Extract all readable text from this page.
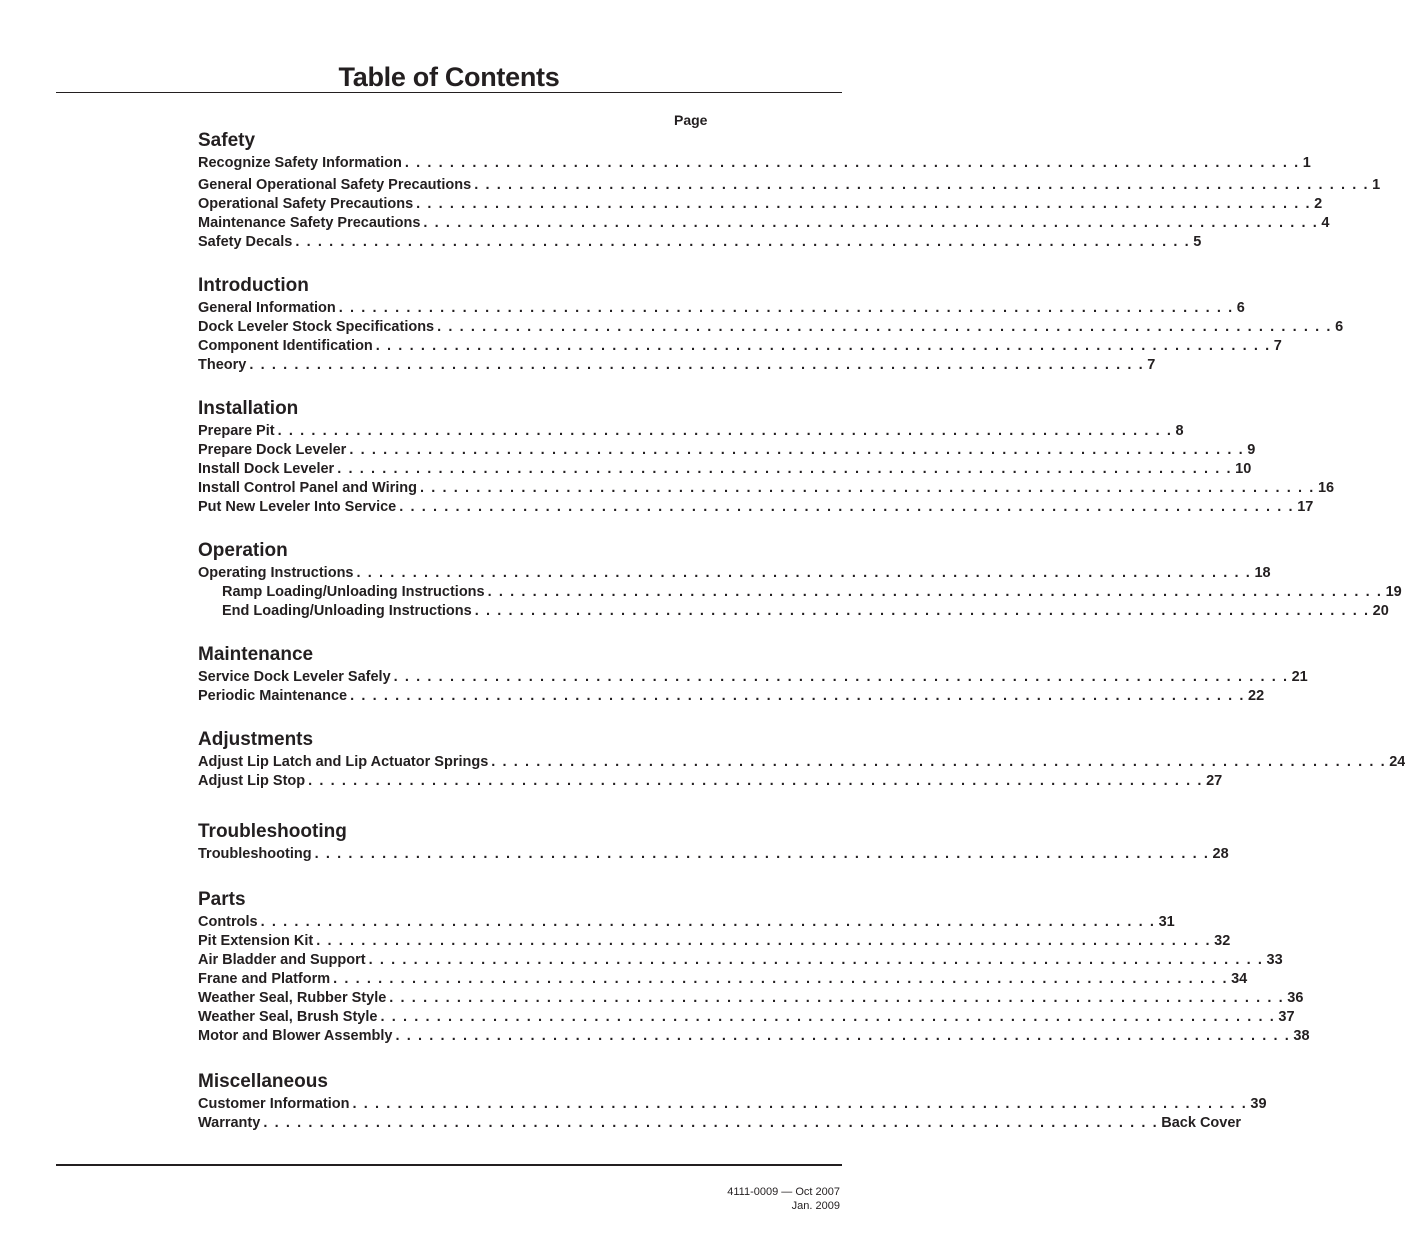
Table of Contents
Page
Safety
Recognize Safety Information . . . . . . . . . . . . . . . . . . . . . . . . . . . . . . . . . . . . . . . . . . . . . . . . . . . . . . . . . . . . . . . . . . . . . . . . . . . . . . . . 1
General Operational Safety Precautions . . . . . . . . . . . . . . . . . . . . . . . . . . . . . . . . . . . . . . . . . . . . . . . . . . . . . . . . . . . . . . . . . . . . . . . . . . . . . . . . 1
Operational Safety Precautions . . . . . . . . . . . . . . . . . . . . . . . . . . . . . . . . . . . . . . . . . . . . . . . . . . . . . . . . . . . . . . . . . . . . . . . . . . . . . . . . 2
Maintenance Safety Precautions . . . . . . . . . . . . . . . . . . . . . . . . . . . . . . . . . . . . . . . . . . . . . . . . . . . . . . . . . . . . . . . . . . . . . . . . . . . . . . . . 4
Safety Decals . . . . . . . . . . . . . . . . . . . . . . . . . . . . . . . . . . . . . . . . . . . . . . . . . . . . . . . . . . . . . . . . . . . . . . . . . . . . . . . . 5
Introduction
General Information . . . . . . . . . . . . . . . . . . . . . . . . . . . . . . . . . . . . . . . . . . . . . . . . . . . . . . . . . . . . . . . . . . . . . . . . . . . . . . . . 6
Dock Leveler Stock Specifications . . . . . . . . . . . . . . . . . . . . . . . . . . . . . . . . . . . . . . . . . . . . . . . . . . . . . . . . . . . . . . . . . . . . . . . . . . . . . . . . 6
Component Identification . . . . . . . . . . . . . . . . . . . . . . . . . . . . . . . . . . . . . . . . . . . . . . . . . . . . . . . . . . . . . . . . . . . . . . . . . . . . . . . . 7
Theory . . . . . . . . . . . . . . . . . . . . . . . . . . . . . . . . . . . . . . . . . . . . . . . . . . . . . . . . . . . . . . . . . . . . . . . . . . . . . . . . 7
Installation
Prepare Pit . . . . . . . . . . . . . . . . . . . . . . . . . . . . . . . . . . . . . . . . . . . . . . . . . . . . . . . . . . . . . . . . . . . . . . . . . . . . . . . . 8
Prepare Dock Leveler . . . . . . . . . . . . . . . . . . . . . . . . . . . . . . . . . . . . . . . . . . . . . . . . . . . . . . . . . . . . . . . . . . . . . . . . . . . . . . . . 9
Install Dock Leveler . . . . . . . . . . . . . . . . . . . . . . . . . . . . . . . . . . . . . . . . . . . . . . . . . . . . . . . . . . . . . . . . . . . . . . . . . . . . . . . . 10
Install Control Panel and Wiring . . . . . . . . . . . . . . . . . . . . . . . . . . . . . . . . . . . . . . . . . . . . . . . . . . . . . . . . . . . . . . . . . . . . . . . . . . . . . . . . 16
Put New Leveler Into Service . . . . . . . . . . . . . . . . . . . . . . . . . . . . . . . . . . . . . . . . . . . . . . . . . . . . . . . . . . . . . . . . . . . . . . . . . . . . . . . . 17
Operation
Operating Instructions . . . . . . . . . . . . . . . . . . . . . . . . . . . . . . . . . . . . . . . . . . . . . . . . . . . . . . . . . . . . . . . . . . . . . . . . . . . . . . . . 18
Ramp Loading/Unloading Instructions . . . . . . . . . . . . . . . . . . . . . . . . . . . . . . . . . . . . . . . . . . . . . . . . . . . . . . . . . . . . . . . . . . . . . . . . . . . . . . . . 19
End Loading/Unloading Instructions . . . . . . . . . . . . . . . . . . . . . . . . . . . . . . . . . . . . . . . . . . . . . . . . . . . . . . . . . . . . . . . . . . . . . . . . . . . . . . . . 20
Maintenance
Service Dock Leveler Safely . . . . . . . . . . . . . . . . . . . . . . . . . . . . . . . . . . . . . . . . . . . . . . . . . . . . . . . . . . . . . . . . . . . . . . . . . . . . . . . . 21
Periodic Maintenance . . . . . . . . . . . . . . . . . . . . . . . . . . . . . . . . . . . . . . . . . . . . . . . . . . . . . . . . . . . . . . . . . . . . . . . . . . . . . . . . 22
Adjustments
Adjust Lip Latch and Lip Actuator Springs . . . . . . . . . . . . . . . . . . . . . . . . . . . . . . . . . . . . . . . . . . . . . . . . . . . . . . . . . . . . . . . . . . . . . . . . . . . . . . . . 24
Adjust Lip Stop . . . . . . . . . . . . . . . . . . . . . . . . . . . . . . . . . . . . . . . . . . . . . . . . . . . . . . . . . . . . . . . . . . . . . . . . . . . . . . . . 27
Troubleshooting
Troubleshooting . . . . . . . . . . . . . . . . . . . . . . . . . . . . . . . . . . . . . . . . . . . . . . . . . . . . . . . . . . . . . . . . . . . . . . . . . . . . . . . . 28
Parts
Controls . . . . . . . . . . . . . . . . . . . . . . . . . . . . . . . . . . . . . . . . . . . . . . . . . . . . . . . . . . . . . . . . . . . . . . . . . . . . . . . . 31
Pit Extension Kit . . . . . . . . . . . . . . . . . . . . . . . . . . . . . . . . . . . . . . . . . . . . . . . . . . . . . . . . . . . . . . . . . . . . . . . . . . . . . . . . 32
Air Bladder and Support . . . . . . . . . . . . . . . . . . . . . . . . . . . . . . . . . . . . . . . . . . . . . . . . . . . . . . . . . . . . . . . . . . . . . . . . . . . . . . . . 33
Frane and Platform . . . . . . . . . . . . . . . . . . . . . . . . . . . . . . . . . . . . . . . . . . . . . . . . . . . . . . . . . . . . . . . . . . . . . . . . . . . . . . . . 34
Weather Seal, Rubber Style . . . . . . . . . . . . . . . . . . . . . . . . . . . . . . . . . . . . . . . . . . . . . . . . . . . . . . . . . . . . . . . . . . . . . . . . . . . . . . . . 36
Weather Seal, Brush Style . . . . . . . . . . . . . . . . . . . . . . . . . . . . . . . . . . . . . . . . . . . . . . . . . . . . . . . . . . . . . . . . . . . . . . . . . . . . . . . . 37
Motor and Blower Assembly . . . . . . . . . . . . . . . . . . . . . . . . . . . . . . . . . . . . . . . . . . . . . . . . . . . . . . . . . . . . . . . . . . . . . . . . . . . . . . . . 38
Miscellaneous
Customer Information . . . . . . . . . . . . . . . . . . . . . . . . . . . . . . . . . . . . . . . . . . . . . . . . . . . . . . . . . . . . . . . . . . . . . . . . . . . . . . . . 39
Warranty . . . . . . . . . . . . . . . . . . . . . . . . . . . . . . . . . . . . . . . . . . . . . . . . . . . . . . . . . . . . . . . . . . . . . . . . . . . . . . . . Back Cover
4111-0009 — Oct 2007
Jan. 2009
